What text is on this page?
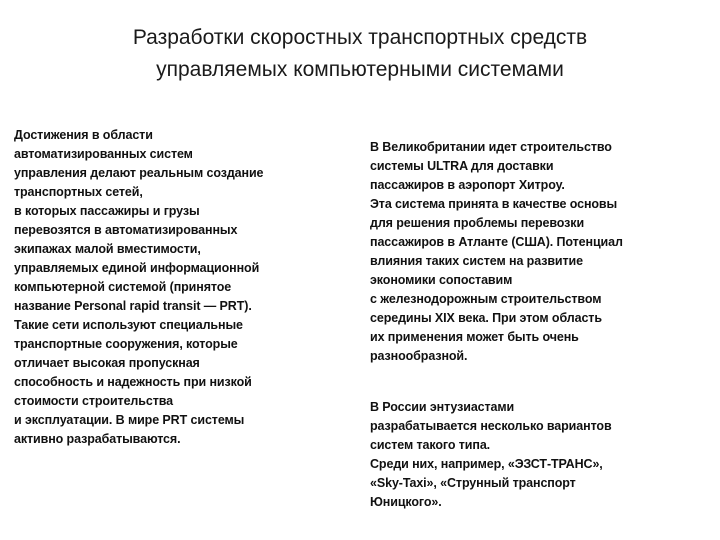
Разработки скоростных транспортных средств
управляемых компьютерными системами
Достижения в области
автоматизированных систем
управления делают реальным создание
транспортных сетей,
в которых пассажиры и грузы
перевозятся в автоматизированных
экипажах малой вместимости,
управляемых единой информационной
компьютерной системой (принятое
название Personal rapid transit — PRT).
Такие сети используют специальные
транспортные сооружения, которые
отличает высокая пропускная
способность и надежность при низкой
стоимости строительства
и эксплуатации. В мире PRT системы
активно разрабатываются.
В Великобритании идет строительство
системы ULTRA для доставки
пассажиров в аэропорт Хитроу.
Эта система принята в качестве основы
для решения проблемы перевозки
пассажиров в Атланте (США). Потенциал
влияния таких систем на развитие
экономики сопоставим
с железнодорожным строительством
середины XIX века. При этом область
их применения может быть очень
разнообразной.
В России энтузиастами
разрабатывается несколько вариантов
систем такого типа.
Среди них, например, «ЭЗСТ-ТРАНС»,
«Sky-Taxi», «Струнный транспорт
Юницкого».
